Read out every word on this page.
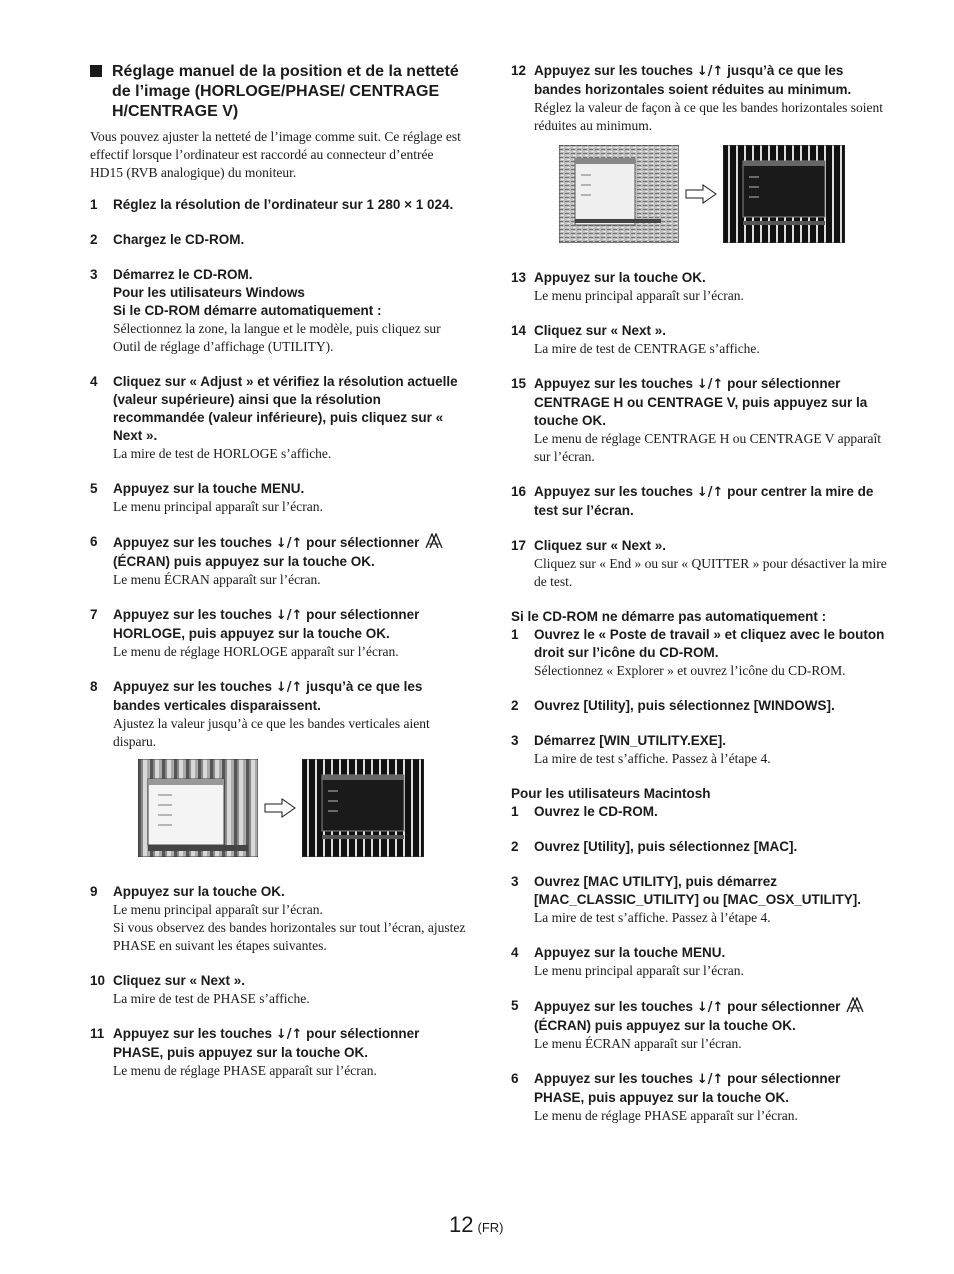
Réglage manuel de la position et de la netteté de l’image (HORLOGE/PHASE/ CENTRAGE H/CENTRAGE V)

Vous pouvez ajuster la netteté de l’image comme suit. Ce réglage est effectif lorsque l’ordinateur est raccordé au connecteur d’entrée HD15 (RVB analogique) du moniteur.

1 Réglez la résolution de l’ordinateur sur 1 280 × 1 024.
2 Chargez le CD-ROM.
3 Démarrez le CD-ROM.
Pour les utilisateurs Windows
Si le CD-ROM démarre automatiquement :
Sélectionnez la zone, la langue et le modèle, puis cliquez sur Outil de réglage d’affichage (UTILITY).
4 Cliquez sur « Adjust » et vérifiez la résolution actuelle (valeur supérieure) ainsi que la résolution recommandée (valeur inférieure), puis cliquez sur « Next ».
La mire de test de HORLOGE s’affiche.
5 Appuyez sur la touche MENU.
Le menu principal apparaît sur l’écran.
6 Appuyez sur les touches ↓/↑ pour sélectionner  (ÉCRAN) puis appuyez sur la touche OK.
Le menu ÉCRAN apparaît sur l’écran.
7 Appuyez sur les touches ↓/↑ pour sélectionner HORLOGE, puis appuyez sur la touche OK.
Le menu de réglage HORLOGE apparaît sur l’écran.
8 Appuyez sur les touches ↓/↑ jusqu’à ce que les bandes verticales disparaissent.
Ajustez la valeur jusqu’à ce que les bandes verticales aient disparu.
9 Appuyez sur la touche OK.
Le menu principal apparaît sur l’écran.
Si vous observez des bandes horizontales sur tout l’écran, ajustez PHASE en suivant les étapes suivantes.
10 Cliquez sur « Next ».
La mire de test de PHASE s’affiche.
11 Appuyez sur les touches ↓/↑ pour sélectionner PHASE, puis appuyez sur la touche OK.
Le menu de réglage PHASE apparaît sur l’écran.
12 Appuyez sur les touches ↓/↑ jusqu’à ce que les bandes horizontales soient réduites au minimum.
Réglez la valeur de façon à ce que les bandes horizontales soient réduites au minimum.
13 Appuyez sur la touche OK.
Le menu principal apparaît sur l’écran.
14 Cliquez sur « Next ».
La mire de test de CENTRAGE s’affiche.
15 Appuyez sur les touches ↓/↑ pour sélectionner CENTRAGE H ou CENTRAGE V, puis appuyez sur la touche OK.
Le menu de réglage CENTRAGE H ou CENTRAGE V apparaît sur l’écran.
16 Appuyez sur les touches ↓/↑ pour centrer la mire de test sur l’écran.
17 Cliquez sur « Next ».
Cliquez sur « End » ou sur « QUITTER » pour désactiver la mire de test.
Si le CD-ROM ne démarre pas automatiquement :
1 Ouvrez le « Poste de travail » et cliquez avec le bouton droit sur l’icône du CD-ROM.
Sélectionnez « Explorer » et ouvrez l’icône du CD-ROM.
2 Ouvrez [Utility], puis sélectionnez [WINDOWS].
3 Démarrez [WIN_UTILITY.EXE].
La mire de test s’affiche. Passez à l’étape 4.
Pour les utilisateurs Macintosh
1 Ouvrez le CD-ROM.
2 Ouvrez [Utility], puis sélectionnez [MAC].
3 Ouvrez [MAC UTILITY], puis démarrez [MAC_CLASSIC_UTILITY] ou [MAC_OSX_UTILITY].
La mire de test s’affiche. Passez à l’étape 4.
4 Appuyez sur la touche MENU.
Le menu principal apparaît sur l’écran.
5 Appuyez sur les touches ↓/↑ pour sélectionner  (ÉCRAN) puis appuyez sur la touche OK.
Le menu ÉCRAN apparaît sur l’écran.
6 Appuyez sur les touches ↓/↑ pour sélectionner PHASE, puis appuyez sur la touche OK.
Le menu de réglage PHASE apparaît sur l’écran.
12 (FR)
